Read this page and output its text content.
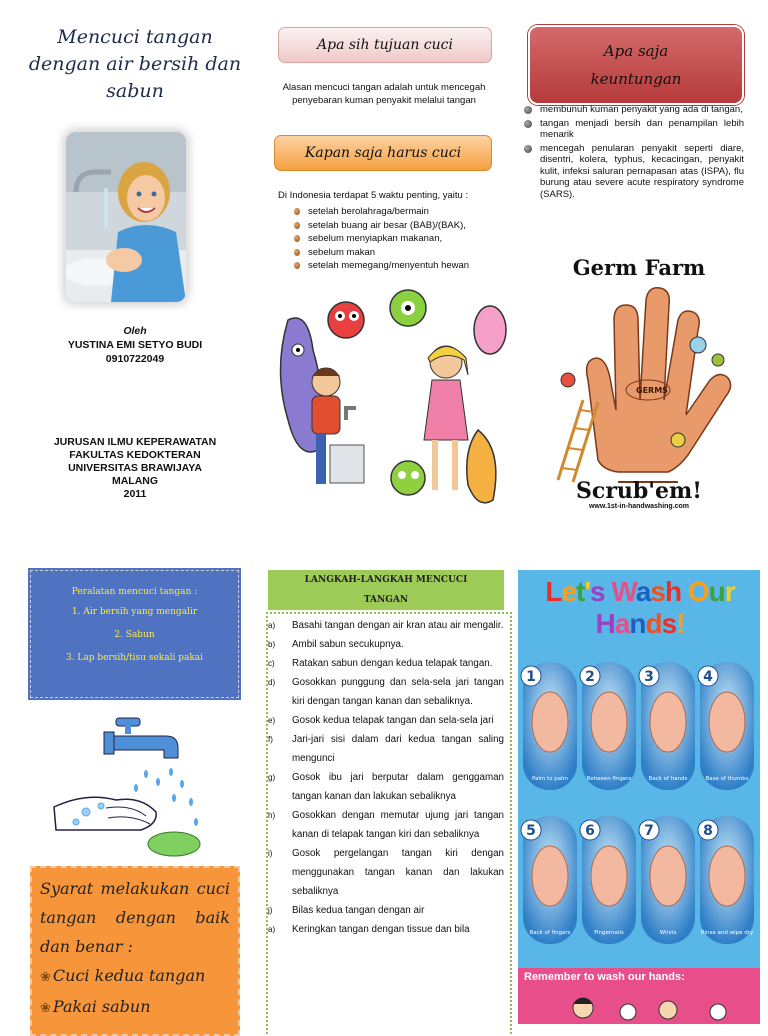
Mencuci tangan
dengan air bersih dan
sabun
Oleh
YUSTINA EMI SETYO BUDI
0910722049
JURUSAN ILMU KEPERAWATAN
FAKULTAS KEDOKTERAN
UNIVERSITAS BRAWIJAYA
MALANG
2011
Apa sih tujuan cuci
Alasan mencuci tangan adalah untuk mencegah penyebaran kuman penyakit melalui tangan
Kapan saja harus cuci
Di Indonesia terdapat 5 waktu penting, yaitu :
setelah berolahraga/bermain
setelah buang air besar (BAB)/(BAK),
sebelum menyiapkan makanan,
sebelum makan
setelah memegang/menyentuh hewan
Apa saja
keuntungan
membunuh kuman penyakit yang ada di tangan,
tangan menjadi bersih dan penampilan lebih menarik
mencegah penularan penyakit seperti diare, disentri, kolera, typhus, kecacingan, penyakit kulit, infeksi saluran pernapasan atas (ISPA), flu burung atau severe acute respiratory syndrome (SARS).
GERMS
Germ Farm
Scrub'em!
www.1st-in-handwashing.com
Peralatan mencuci tangan :
1. Air bersih yang mengalir
2. Sabun
3. Lap bersih/tisu sekali pakai
Syarat melakukan cuci tangan dengan baik dan benar :
❀ Cuci kedua tangan
❀ Pakai sabun
LANGKAH-LANGKAH MENCUCI
TANGAN
a)	Basahi tangan dengan air kran atau air mengalir.
b)	Ambil sabun secukupnya.
c)	Ratakan sabun dengan kedua telapak tangan.
d)	Gosokkan punggung dan sela-sela jari tangan kiri dengan tangan kanan dan sebaliknya.
e)	Gosok kedua telapak tangan dan sela-sela jari
f)	Jari-jari sisi dalam dari kedua tangan saling mengunci
g)	Gosok ibu jari berputar dalam genggaman tangan kanan dan lakukan sebaliknya
h)	Gosokkan dengan memutar ujung jari tangan kanan di telapak tangan kiri dan sebaliknya
i)	Gosok pergelangan tangan kiri dengan menggunakan tangan kanan dan lakukan sebaliknya
j)	Bilas kedua tangan dengan air
a)	Keringkan tangan dengan tissue dan bila
1
Palm to palm
2
Between fingers
3
Back of hands
4
Base of thumbs
5
Back of fingers
6
Fingernails
7
Wrists
8
Rinse and wipe dry
Let's Wash Our Hands!
Remember to wash our hands:
